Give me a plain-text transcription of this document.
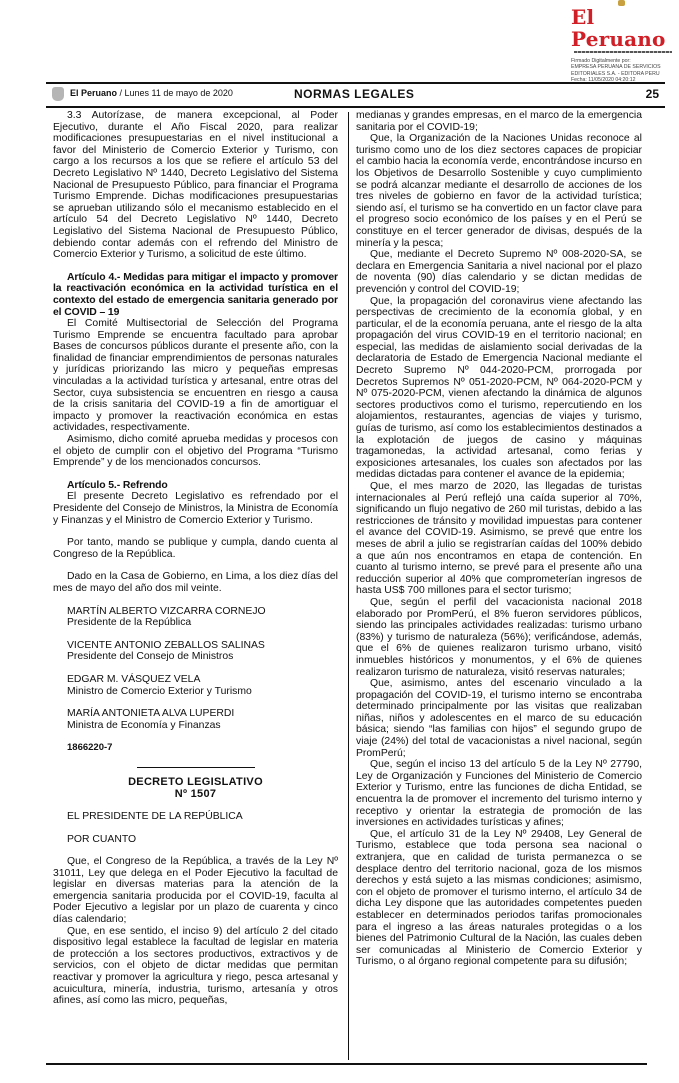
El Peruano
Firmado Digitalmente por:
EMPRESA PERUANA DE SERVICIOS
EDITORIALES S.A. - EDITORA PERU
Fecha: 11/05/2020 04:20:12
El Peruano / Lunes 11 de mayo de 2020	NORMAS LEGALES	25

3.3 Autorízase, de manera excepcional, al Poder Ejecutivo, durante el Año Fiscal 2020, para realizar modificaciones presupuestarias en el nivel institucional a favor del Ministerio de Comercio Exterior y Turismo, con cargo a los recursos a los que se refiere el artículo 53 del Decreto Legislativo Nº 1440, Decreto Legislativo del Sistema Nacional de Presupuesto Público, para financiar el Programa Turismo Emprende. Dichas modificaciones presupuestarias se aprueban utilizando sólo el mecanismo establecido en el artículo 54 del Decreto Legislativo Nº 1440, Decreto Legislativo del Sistema Nacional de Presupuesto Público, debiendo contar además con el refrendo del Ministro de Comercio Exterior y Turismo, a solicitud de este último.

Artículo 4.- Medidas para mitigar el impacto y promover la reactivación económica en la actividad turística en el contexto del estado de emergencia sanitaria generado por el COVID – 19

El Comité Multisectorial de Selección del Programa Turismo Emprende se encuentra facultado para aprobar Bases de concursos públicos durante el presente año, con la finalidad de financiar emprendimientos de personas naturales y jurídicas priorizando las micro y pequeñas empresas vinculadas a la actividad turística y artesanal, entre otras del Sector, cuya subsistencia se encuentren en riesgo a causa de la crisis sanitaria del COVID-19 a fin de amortiguar el impacto y promover la reactivación económica en estas actividades, respectivamente.

Asimismo, dicho comité aprueba medidas y procesos con el objeto de cumplir con el objetivo del Programa “Turismo Emprende” y de los mencionados concursos.

Artículo 5.- Refrendo

El presente Decreto Legislativo es refrendado por el Presidente del Consejo de Ministros, la Ministra de Economía y Finanzas y el Ministro de Comercio Exterior y Turismo.

Por tanto, mando se publique y cumpla, dando cuenta al Congreso de la República.

Dado en la Casa de Gobierno, en Lima, a los diez días del mes de mayo del año dos mil veinte.

MARTÍN ALBERTO VIZCARRA CORNEJO

Presidente de la República

VICENTE ANTONIO ZEBALLOS SALINAS

Presidente del Consejo de Ministros

EDGAR M. VÁSQUEZ VELA

Ministro de Comercio Exterior y Turismo

MARÍA ANTONIETA ALVA LUPERDI

Ministra de Economía y Finanzas

1866220-7

DECRETO LEGISLATIVO

Nº 1507

EL PRESIDENTE DE LA REPÚBLICA

POR CUANTO

Que, el Congreso de la República, a través de la Ley Nº 31011, Ley que delega en el Poder Ejecutivo la facultad de legislar en diversas materias para la atención de la emergencia sanitaria producida por el COVID-19, faculta al Poder Ejecutivo a legislar por un plazo de cuarenta y cinco días calendario;

Que, en ese sentido, el inciso 9) del artículo 2 del citado dispositivo legal establece la facultad de legislar en materia de protección a los sectores productivos, extractivos y de servicios, con el objeto de dictar medidas que permitan reactivar y promover la agricultura y riego, pesca artesanal y acuicultura, minería, industria, turismo, artesanía y otros afines, así como las micro, pequeñas,

medianas y grandes empresas, en el marco de la emergencia sanitaria por el COVID-19;

Que, la Organización de la Naciones Unidas reconoce al turismo como uno de los diez sectores capaces de propiciar el cambio hacia la economía verde, encontrándose incurso en los Objetivos de Desarrollo Sostenible y cuyo cumplimiento se podrá alcanzar mediante el desarrollo de acciones de los tres niveles de gobierno en favor de la actividad turística; siendo así, el turismo se ha convertido en un factor clave para el progreso socio económico de los países y en el Perú se constituye en el tercer generador de divisas, después de la minería y la pesca;

Que, mediante el Decreto Supremo Nº 008-2020-SA, se declara en Emergencia Sanitaria a nivel nacional por el plazo de noventa (90) días calendario y se dictan medidas de prevención y control del COVID-19;

Que, la propagación del coronavirus viene afectando las perspectivas de crecimiento de la economía global, y en particular, el de la economía peruana, ante el riesgo de la alta propagación del virus COVID-19 en el territorio nacional; en especial, las medidas de aislamiento social derivadas de la declaratoria de Estado de Emergencia Nacional mediante el Decreto Supremo Nº 044-2020-PCM, prorrogada por Decretos Supremos Nº 051-2020-PCM, Nº 064-2020-PCM y Nº 075-2020-PCM, vienen afectando la dinámica de algunos sectores productivos como el turismo, repercutiendo en los alojamientos, restaurantes, agencias de viajes y turismo, guías de turismo, así como los establecimientos destinados a la explotación de juegos de casino y máquinas tragamonedas, la actividad artesanal, como ferias y exposiciones artesanales, los cuales son afectados por las medidas dictadas para contener el avance de la epidemia;

Que, el mes marzo de 2020, las llegadas de turistas internacionales al Perú reflejó una caída superior al 70%, significando un flujo negativo de 260 mil turistas, debido a las restricciones de tránsito y movilidad impuestas para contener el avance del COVID-19. Asimismo, se prevé que entre los meses de abril a julio se registrarían caídas del 100% debido a que aún nos encontramos en etapa de contención. En cuanto al turismo interno, se prevé para el presente año una reducción superior al 40% que comprometerían ingresos de hasta US$ 700 millones para el sector turismo;

Que, según el perfil del vacacionista nacional 2018 elaborado por PromPerú, el 8% fueron servidores públicos, siendo las principales actividades realizadas: turismo urbano (83%) y turismo de naturaleza (56%); verificándose, además, que el 6% de quienes realizaron turismo urbano, visitó inmuebles históricos y monumentos, y el 6% de quienes realizaron turismo de naturaleza, visitó reservas naturales;

Que, asimismo, antes del escenario vinculado a la propagación del COVID-19, el turismo interno se encontraba determinado principalmente por las visitas que realizaban niñas, niños y adolescentes en el marco de su educación básica; siendo “las familias con hijos” el segundo grupo de viaje (24%) del total de vacacionistas a nivel nacional, según PromPerú;

Que, según el inciso 13 del artículo 5 de la Ley Nº 27790, Ley de Organización y Funciones del Ministerio de Comercio Exterior y Turismo, entre las funciones de dicha Entidad, se encuentra la de promover el incremento del turismo interno y receptivo y orientar la estrategia de promoción de las inversiones en actividades turísticas y afines;

Que, el artículo 31 de la Ley Nº 29408, Ley General de Turismo, establece que toda persona sea nacional o extranjera, que en calidad de turista permanezca o se desplace dentro del territorio nacional, goza de los mismos derechos y está sujeto a las mismas condiciones; asimismo, con el objeto de promover el turismo interno, el artículo 34 de dicha Ley dispone que las autoridades competentes pueden establecer en determinados periodos tarifas promocionales para el ingreso a las áreas naturales protegidas o a los bienes del Patrimonio Cultural de la Nación, las cuales deben ser comunicadas al Ministerio de Comercio Exterior y Turismo, o al órgano regional competente para su difusión;
